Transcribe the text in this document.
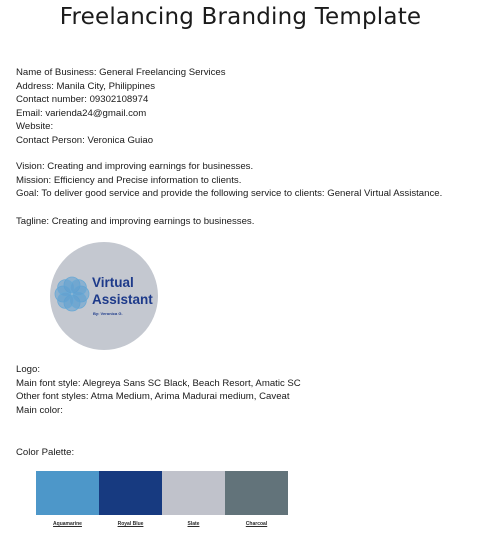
Freelancing Branding Template
Name of Business: General Freelancing Services
Address: Manila City, Philippines
Contact number: 09302108974
Email: varienda24@gmail.com
Website:
Contact Person: Veronica Guiao
Vision: Creating and improving earnings for businesses.
Mission: Efficiency and Precise information to clients.
Goal: To deliver good service and provide the following service to clients: General Virtual Assistance.
Tagline: Creating and improving earnings to businesses.
Virtual
Assistant
By: Veronica G.
Logo:
Main font style: Alegreya Sans SC Black, Beach Resort, Amatic SC
Other font styles: Atma Medium, Arima Madurai medium, Caveat
Main color:
Color Palette:
Aquamarine	Royal Blue	Slate	Charcoal
